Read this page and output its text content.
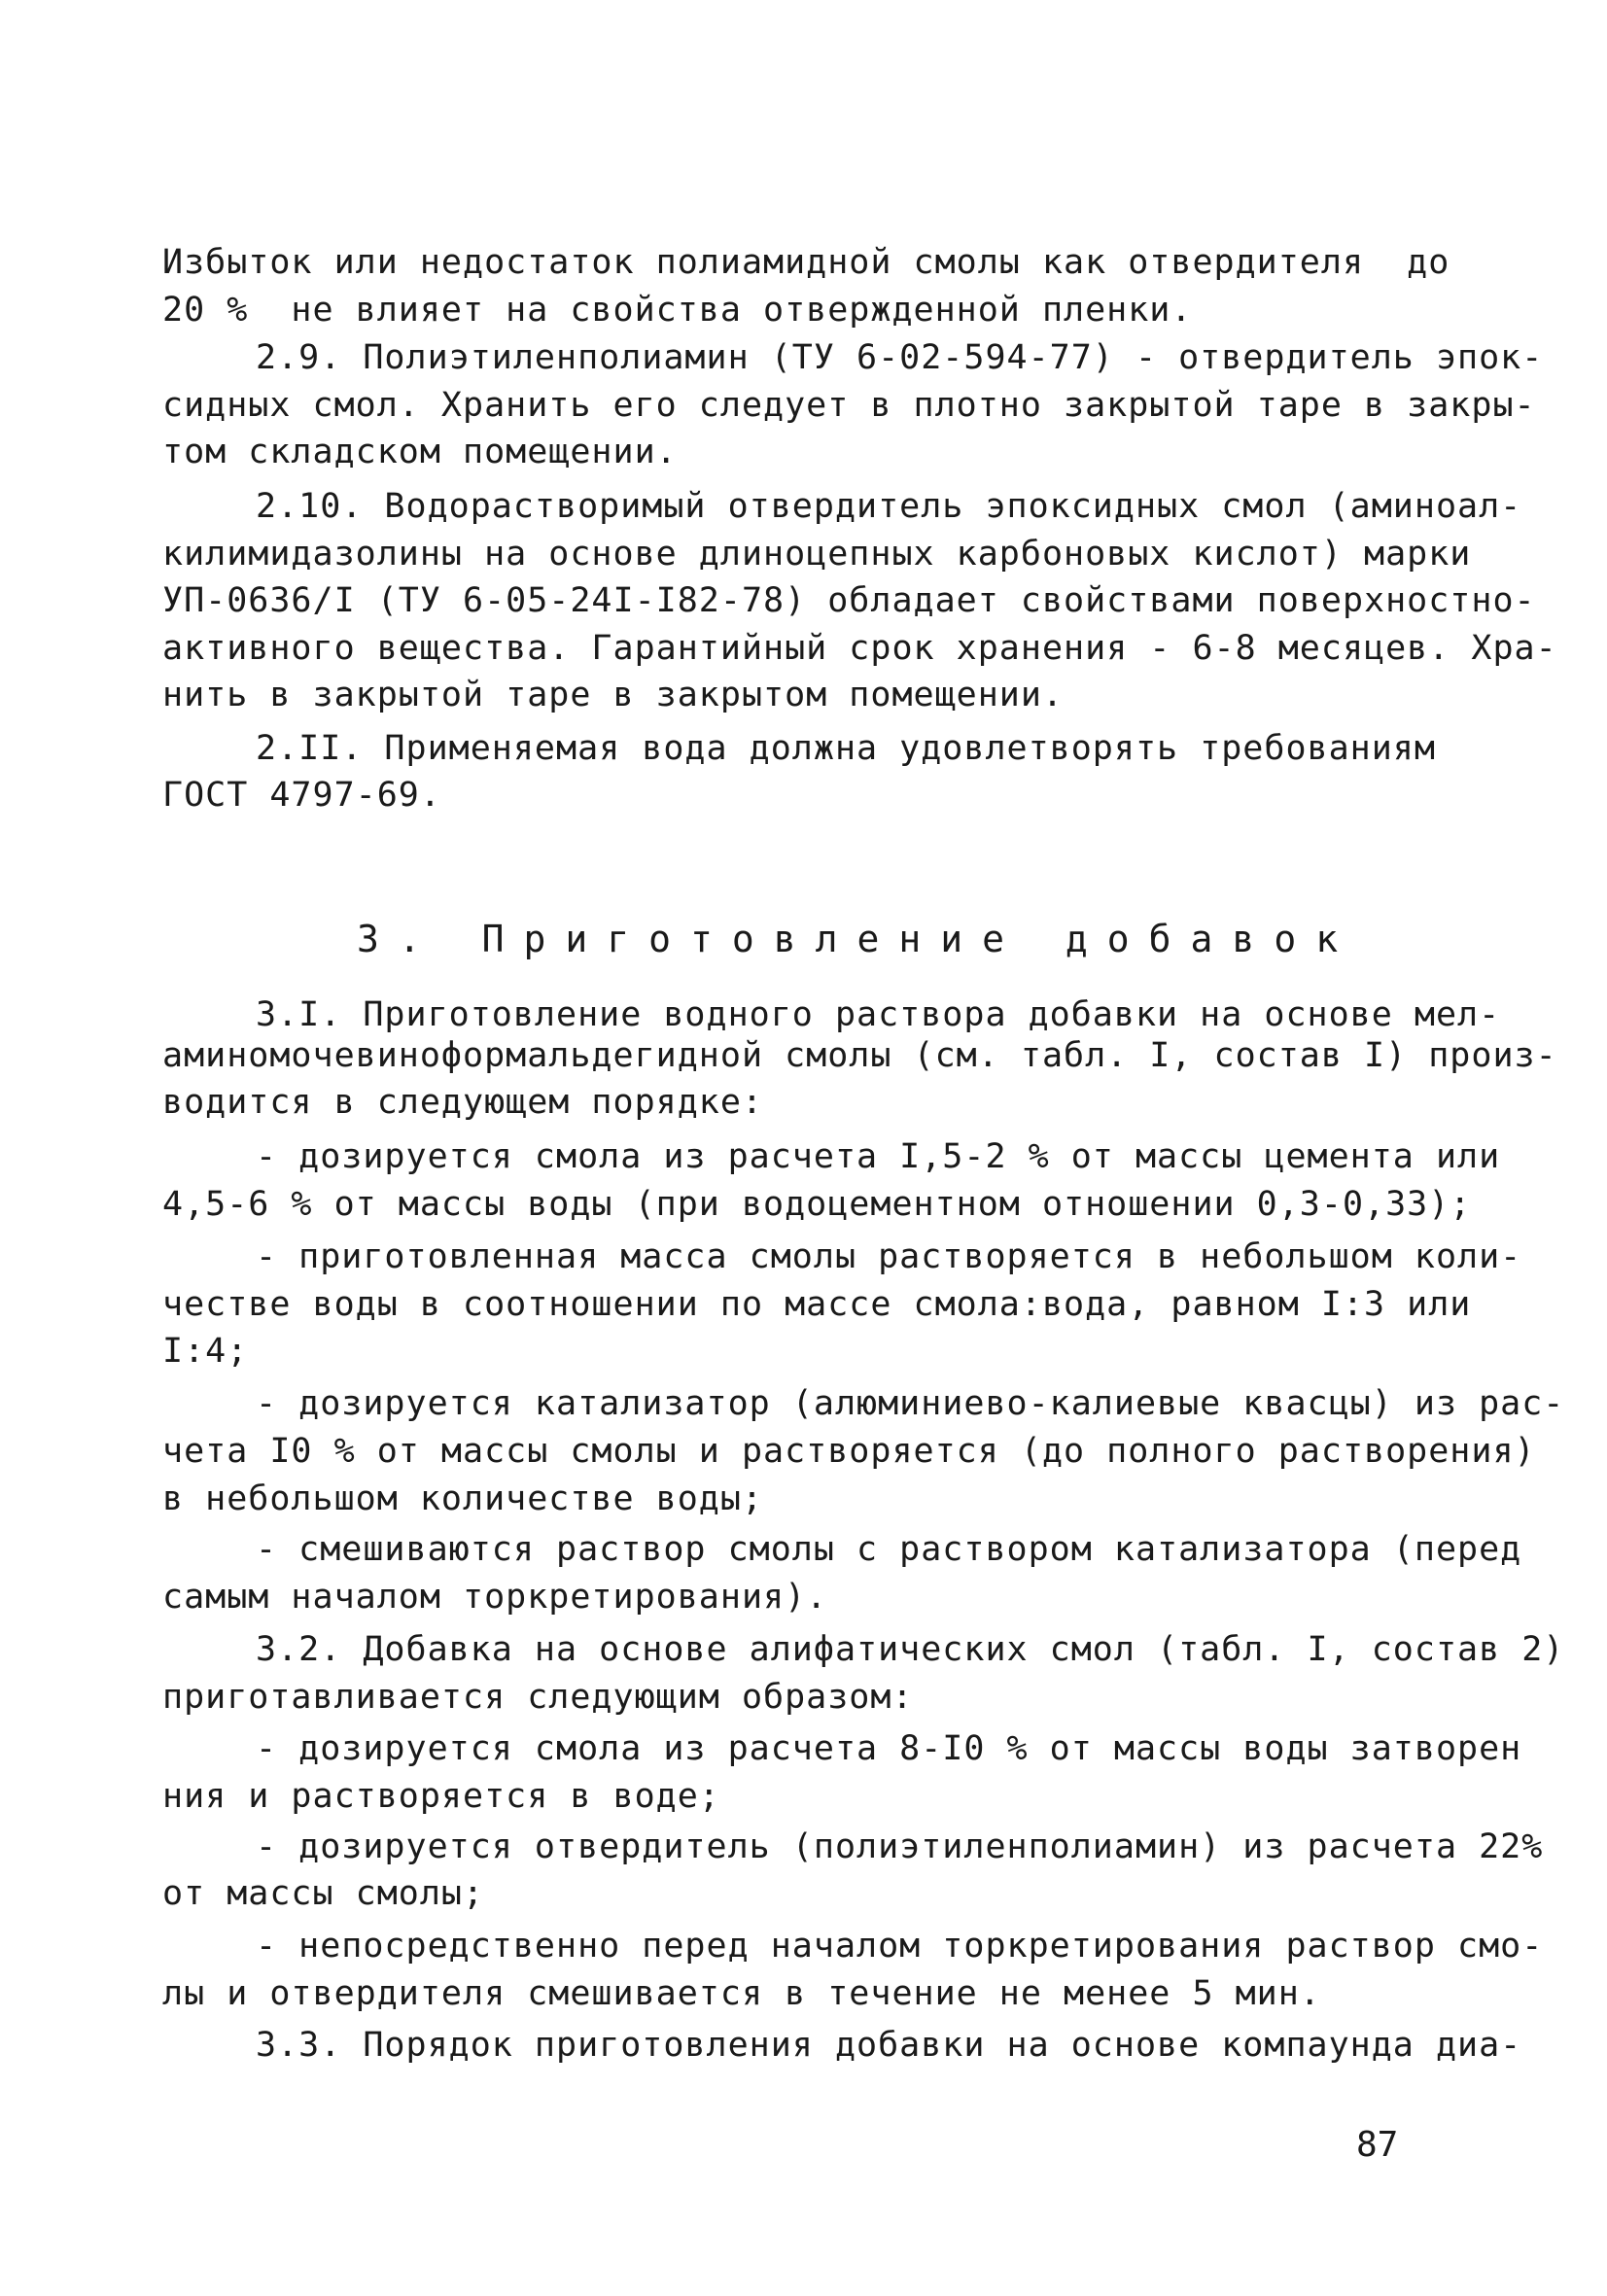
Избыток или недостаток полиамидной смолы как отвердителя  до
20 %  не влияет на свойства отвержденной пленки.
2.9. Полиэтиленполиамин (ТУ 6-02-594-77) - отвердитель эпок-
сидных смол. Хранить его следует в плотно закрытой таре в закры-
том складском помещении.
2.10. Водорастворимый отвердитель эпоксидных смол (аминоал-
килимидазолины на основе длиноцепных карбоновых кислот) марки
УП-0636/I (ТУ 6-05-24I-I82-78) обладает свойствами поверхностно-
активного вещества. Гарантийный срок хранения - 6-8 месяцев. Хра-
нить в закрытой таре в закрытом помещении.
2.II. Применяемая вода должна удовлетворять требованиям
ГОСТ 4797-69.
3. Приготовление добавок
3.I. Приготовление водного раствора добавки на основе мел-
аминомочевиноформальдегидной смолы (см. табл. I, состав I) произ-
водится в следующем порядке:
- дозируется смола из расчета I,5-2 % от массы цемента или
4,5-6 % от массы воды (при водоцементном отношении 0,3-0,33);
- приготовленная масса смолы растворяется в небольшом коли-
честве воды в соотношении по массе смола:вода, равном I:3 или
I:4;
- дозируется катализатор (алюминиево-калиевые квасцы) из рас-
чета I0 % от массы смолы и растворяется (до полного растворения)
в небольшом количестве воды;
- смешиваются раствор смолы с раствором катализатора (перед
самым началом торкретирования).
3.2. Добавка на основе алифатических смол (табл. I, состав 2)
приготавливается следующим образом:
- дозируется смола из расчета 8-I0 % от массы воды затворен
ния и растворяется в воде;
- дозируется отвердитель (полиэтиленполиамин) из расчета 22%
от массы смолы;
- непосредственно перед началом торкретирования раствор смо-
лы и отвердителя смешивается в течение не менее 5 мин.
3.3. Порядок приготовления добавки на основе компаунда диа-
87
